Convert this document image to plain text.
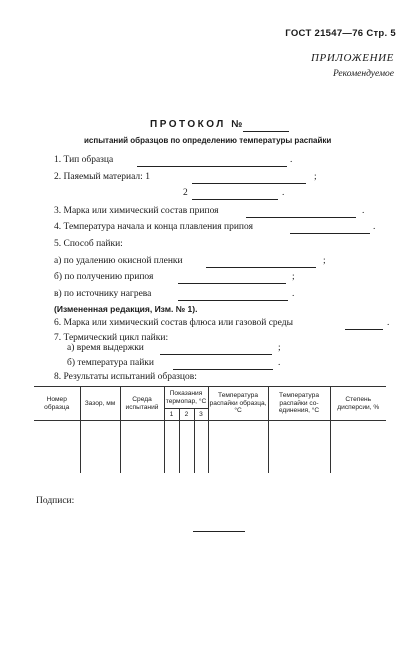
ГОСТ 21547—76 Стр. 5
ПРИЛОЖЕНИЕ
Рекомендуемое
ПРОТОКОЛ №
испытаний образцов по определению температуры распайки
1. Тип образца	.
2. Паяемый материал: 1	;
2	.
3. Марка или химический состав припоя	.
4. Температура начала и конца плавления припоя	.
5. Способ пайки:
а) по удалению окисной пленки	;
б) по получению припоя	;
в) по источнику нагрева	.
(Измененная редакция, Изм. № 1).
6. Марка или химический состав флюса или газовой среды	.
7. Термический цикл пайки:
а) время выдержки	;
б) температура пайки	.
8. Результаты испытаний образцов:
Номер образца	Зазор, мм	Среда испытаний	Показания термопар, °С			Температура распайки образца, °С	Температура распайки со-единения, °С	Степень дисперсии, %
			1	2	3			

Подписи:
